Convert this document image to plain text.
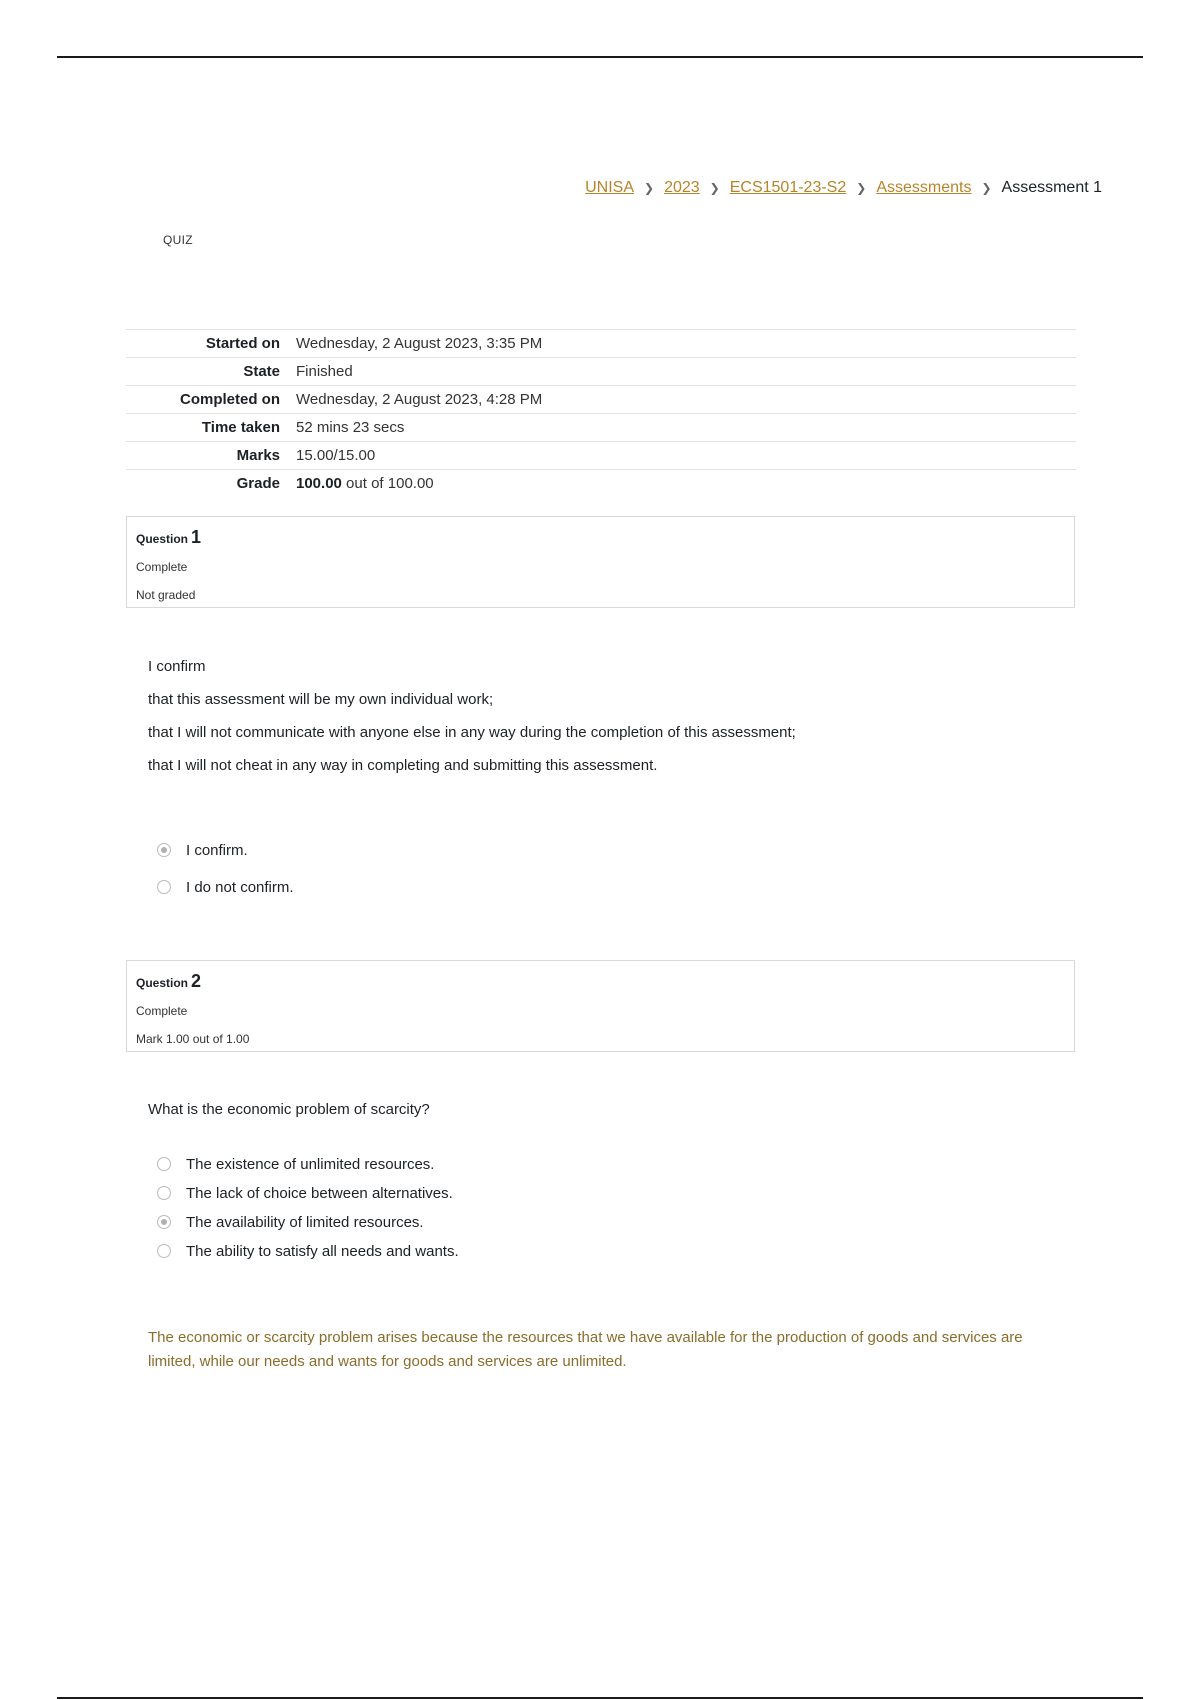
UNISA ❯ 2023 ❯ ECS1501-23-S2 ❯ Assessments ❯ Assessment 1
QUIZ
Started on	Wednesday, 2 August 2023, 3:35 PM
State	Finished
Completed on	Wednesday, 2 August 2023, 4:28 PM
Time taken	52 mins 23 secs
Marks	15.00/15.00
Grade	100.00 out of 100.00
Question 1
Complete
Not graded

I confirm

that this assessment will be my own individual work;

that I will not communicate with anyone else in any way during the completion of this assessment;

that I will not cheat in any way in completing and submitting this assessment.

I confirm.
I do not confirm.
Question 2
Complete
Mark 1.00 out of 1.00
What is the economic problem of scarcity?
The existence of unlimited resources.
The lack of choice between alternatives.
The availability of limited resources.
The ability to satisfy all needs and wants.
The economic or scarcity problem arises because the resources that we have available for the production of goods and services are limited, while our needs and wants for goods and services are unlimited.
